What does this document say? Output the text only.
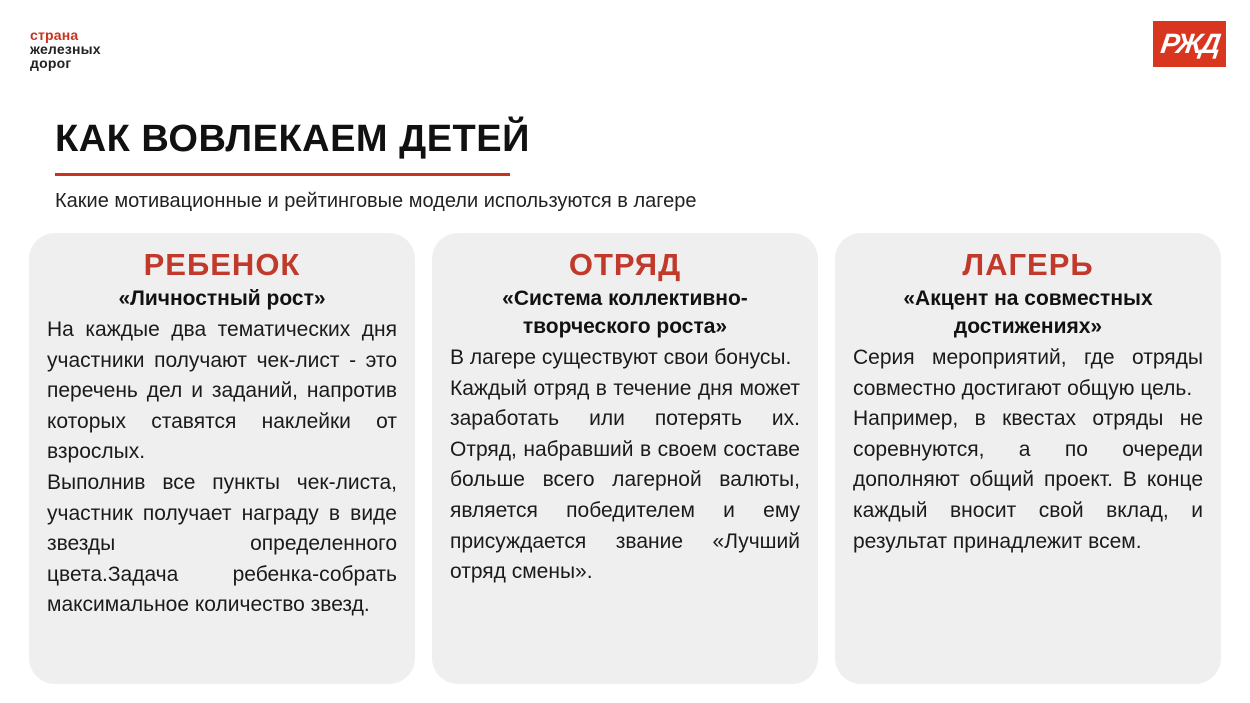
страна
железных
дорог
РЖД
КАК ВОВЛЕКАЕМ ДЕТЕЙ
Какие мотивационные и рейтинговые модели используются в лагере
РЕБЕНОК
«Личностный рост»

На каждые два тематических дня участники получают чек-лист - это перечень дел и заданий, напротив которых ставятся наклейки от взрослых.

Выполнив все пункты чек-листа, участник получает награду в виде звезды определенного цвета.Задача ребенка-собрать максимальное количество звезд.

ОТРЯД
«Система коллективно-творческого роста»

В лагере существуют свои бонусы.

Каждый отряд в течение дня может заработать или потерять их. Отряд, набравший в своем составе больше всего лагерной валюты, является победителем и ему присуждается звание «Лучший отряд смены».

ЛАГЕРЬ
«Акцент на совместных достижениях»

Серия мероприятий, где отряды совместно достигают общую цель.

Например, в квестах отряды не соревнуются, а по очереди дополняют общий проект. В конце каждый вносит свой вклад, и результат принадлежит всем.
